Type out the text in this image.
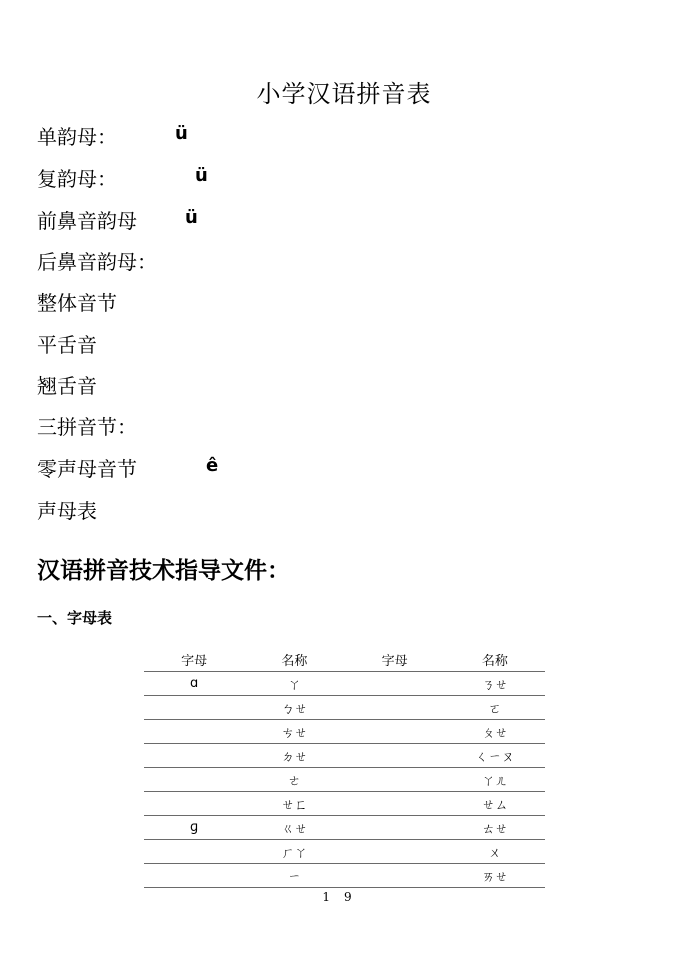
小学汉语拼音表
单韵母：	ü
复韵母：	ü
前鼻音韵母	ü
后鼻音韵母：
整体音节
平舌音
翘舌音
三拼音节：
零声母音节	ê
声母表
汉语拼音技术指导文件：
一、字母表
字母	名称	字母	名称
ɑ	ㄚ		ㄋㄝ
	ㄅㄝ		ㄛ
	ㄘㄝ		ㄆㄝ
	ㄉㄝ		ㄑㄧㄡ
	ㄜ		ㄚㄦ
	ㄝㄈ		ㄝㄙ
ɡ	ㄍㄝ		ㄊㄝ
	ㄏㄚ		ㄨ
	ㄧ		ㄞㄝ
19
